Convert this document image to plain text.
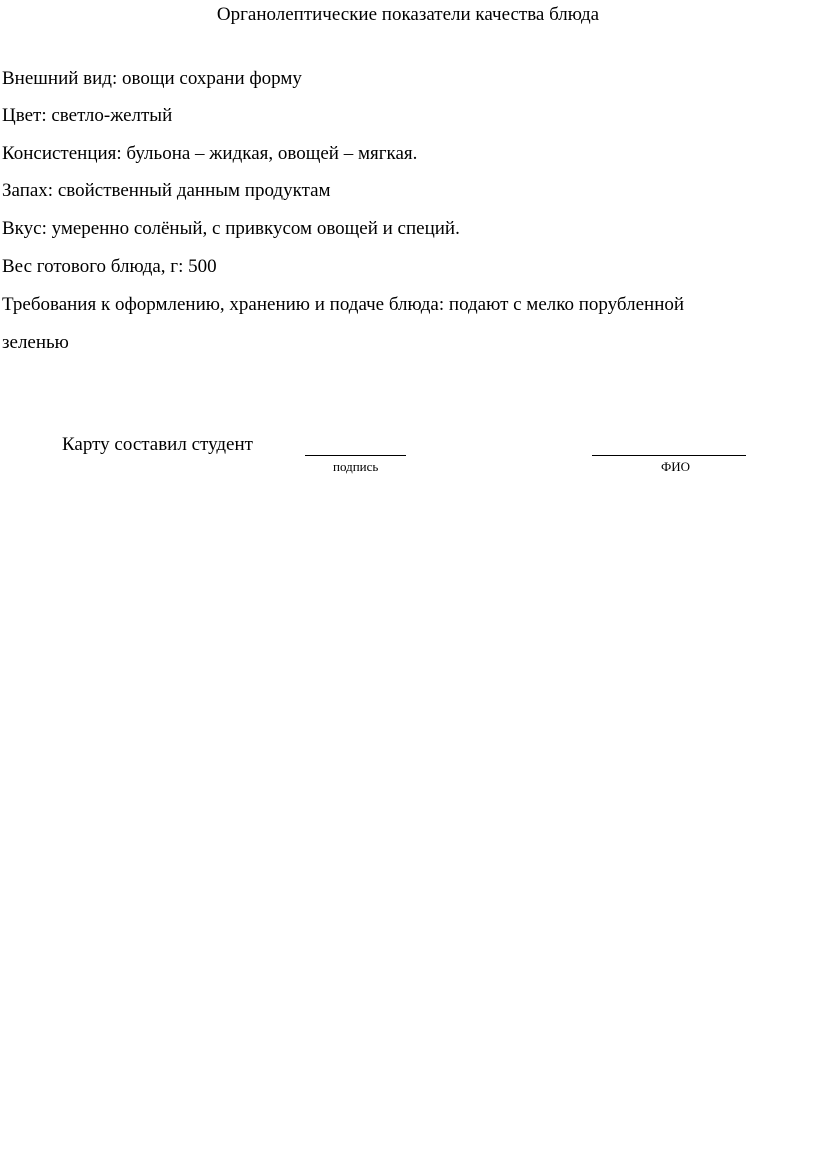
Органолептические показатели качества блюда
Внешний вид: овощи сохрани форму
Цвет: светло-желтый
Консистенция: бульона – жидкая, овощей – мягкая.
Запах: свойственный данным продуктам
Вкус: умеренно солёный, с привкусом овощей и специй.
Вес готового блюда, г: 500
Требования к оформлению, хранению и подаче блюда: подают с мелко порубленной
зеленью
Карту составил студент
подпись	ФИО
